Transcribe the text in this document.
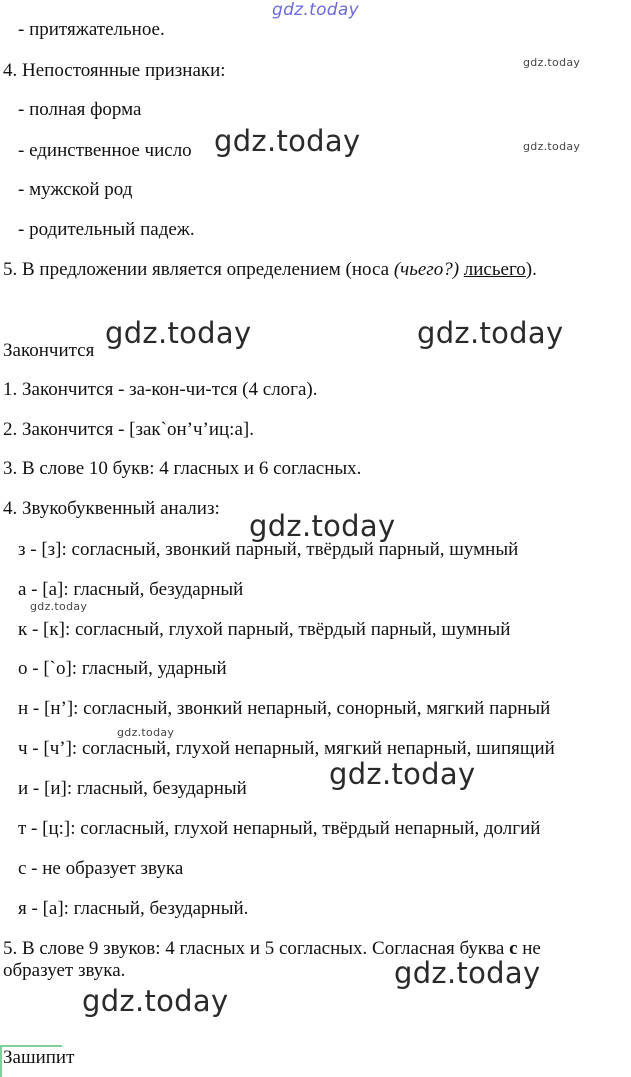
gdz.today
gdz.today
gdz.today	gdz.today
gdz.today	gdz.today
gdz.today
gdz.today
gdz.today
gdz.today
gdz.today
gdz.today
- притяжательное.
4. Непостоянные признаки:
- полная форма
- единственное число
- мужской род
- родительный падеж.
5. В предложении является определением (носа (чьего?) лисьего).
Закончится
1. Закончится - за-кон-чи-тся (4 слога).
2. Закончится - [зак`он’ч’иц:а].
3. В слове 10 букв: 4 гласных и 6 согласных.
4. Звукобуквенный анализ:
з - [з]: согласный, звонкий парный, твёрдый парный, шумный
а - [а]: гласный, безударный
к - [к]: согласный, глухой парный, твёрдый парный, шумный
о - [`о]: гласный, ударный
н - [н’]: согласный, звонкий непарный, сонорный, мягкий парный
ч - [ч’]: согласный, глухой непарный, мягкий непарный, шипящий
и - [и]: гласный, безударный
т - [ц:]: согласный, глухой непарный, твёрдый непарный, долгий
с - не образует звука
я - [а]: гласный, безударный.
5. В слове 9 звуков: 4 гласных и 5 согласных. Согласная буква с не
образует звука.
Зашипит
